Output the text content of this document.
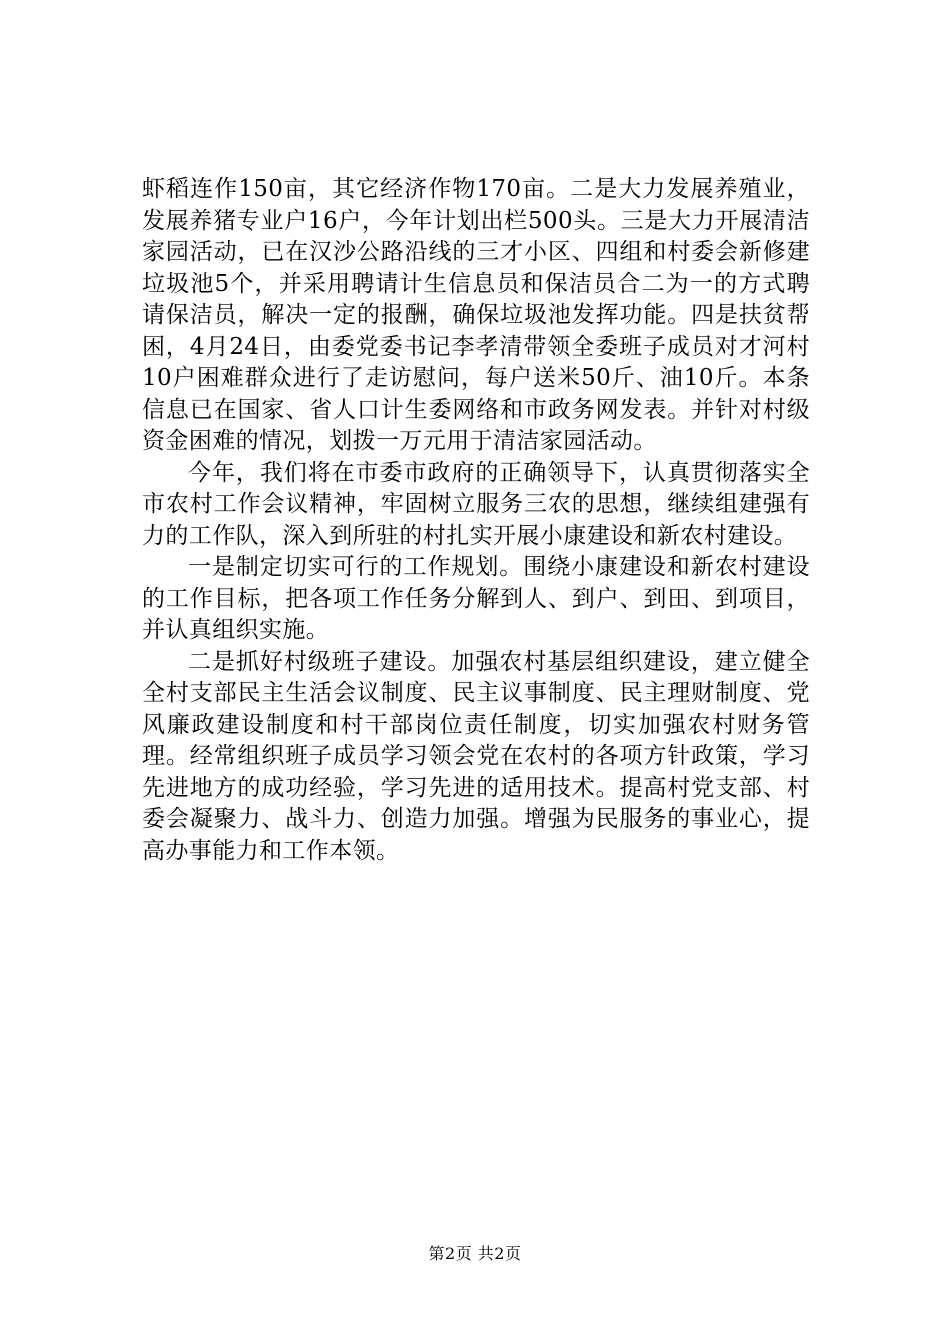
虾稻连作150亩，其它经济作物170亩。二是大力发展养殖业，发展养猪专业户16户，今年计划出栏500头。三是大力开展清洁家园活动，已在汉沙公路沿线的三才小区、四组和村委会新修建垃圾池5个，并采用聘请计生信息员和保洁员合二为一的方式聘请保洁员，解决一定的报酬，确保垃圾池发挥功能。四是扶贫帮困，4月24日，由委党委书记李孝清带领全委班子成员对才河村10户困难群众进行了走访慰问，每户送米50斤、油10斤。本条信息已在国家、省人口计生委网络和市政务网发表。并针对村级资金困难的情况，划拨一万元用于清洁家园活动。

今年，我们将在市委市政府的正确领导下，认真贯彻落实全市农村工作会议精神，牢固树立服务三农的思想，继续组建强有力的工作队，深入到所驻的村扎实开展小康建设和新农村建设。

一是制定切实可行的工作规划。围绕小康建设和新农村建设的工作目标，把各项工作任务分解到人、到户、到田、到项目，并认真组织实施。

二是抓好村级班子建设。加强农村基层组织建设，建立健全全村支部民主生活会议制度、民主议事制度、民主理财制度、党风廉政建设制度和村干部岗位责任制度，切实加强农村财务管理。经常组织班子成员学习领会党在农村的各项方针政策，学习先进地方的成功经验，学习先进的适用技术。提高村党支部、村委会凝聚力、战斗力、创造力加强。增强为民服务的事业心，提高办事能力和工作本领。

第2页 共2页
